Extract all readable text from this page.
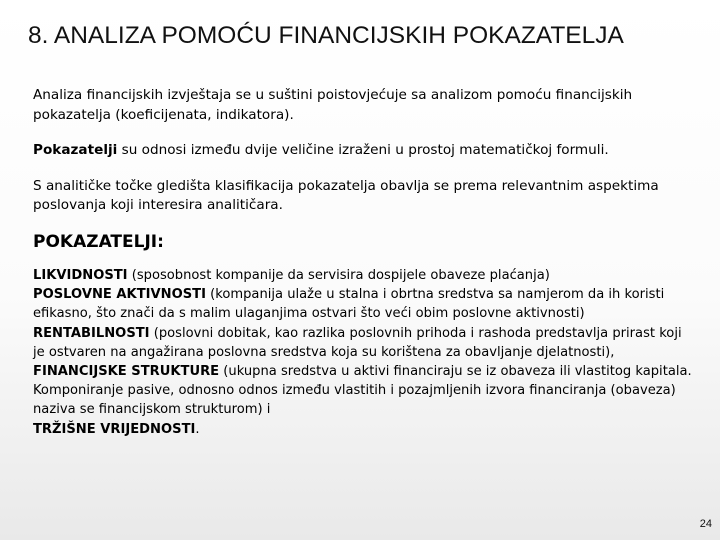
8. ANALIZA POMOĆU FINANCIJSKIH POKAZATELJA

Analiza financijskih izvještaja se u suštini poistovjećuje sa analizom pomoću financijskih pokazatelja (koeficijenata, indikatora).

Pokazatelji su odnosi između dvije veličine izraženi u prostoj matematičkoj formuli.

S analitičke točke gledišta klasifikacija pokazatelja obavlja se prema relevantnim aspektima poslovanja koji interesira analitičara.

POKAZATELJI:

LIKVIDNOSTI (sposobnost kompanije da servisira dospijele obaveze plaćanja)

POSLOVNE AKTIVNOSTI (kompanija ulaže u stalna i obrtna sredstva sa namjerom da ih koristi efikasno, što znači da s malim ulaganjima ostvari što veći obim poslovne aktivnosti)

RENTABILNOSTI (poslovni dobitak, kao razlika poslovnih prihoda i rashoda predstavlja prirast koji je ostvaren na angažirana poslovna sredstva koja su korištena za obavljanje djelatnosti),

FINANCIJSKE STRUKTURE (ukupna sredstva u aktivi financiraju se iz obaveza ili vlastitog kapitala. Komponiranje pasive, odnosno odnos između vlastitih i pozajmljenih izvora financiranja (obaveza) naziva se financijskom strukturom) i

TRŽIŠNE VRIJEDNOSTI.

24
